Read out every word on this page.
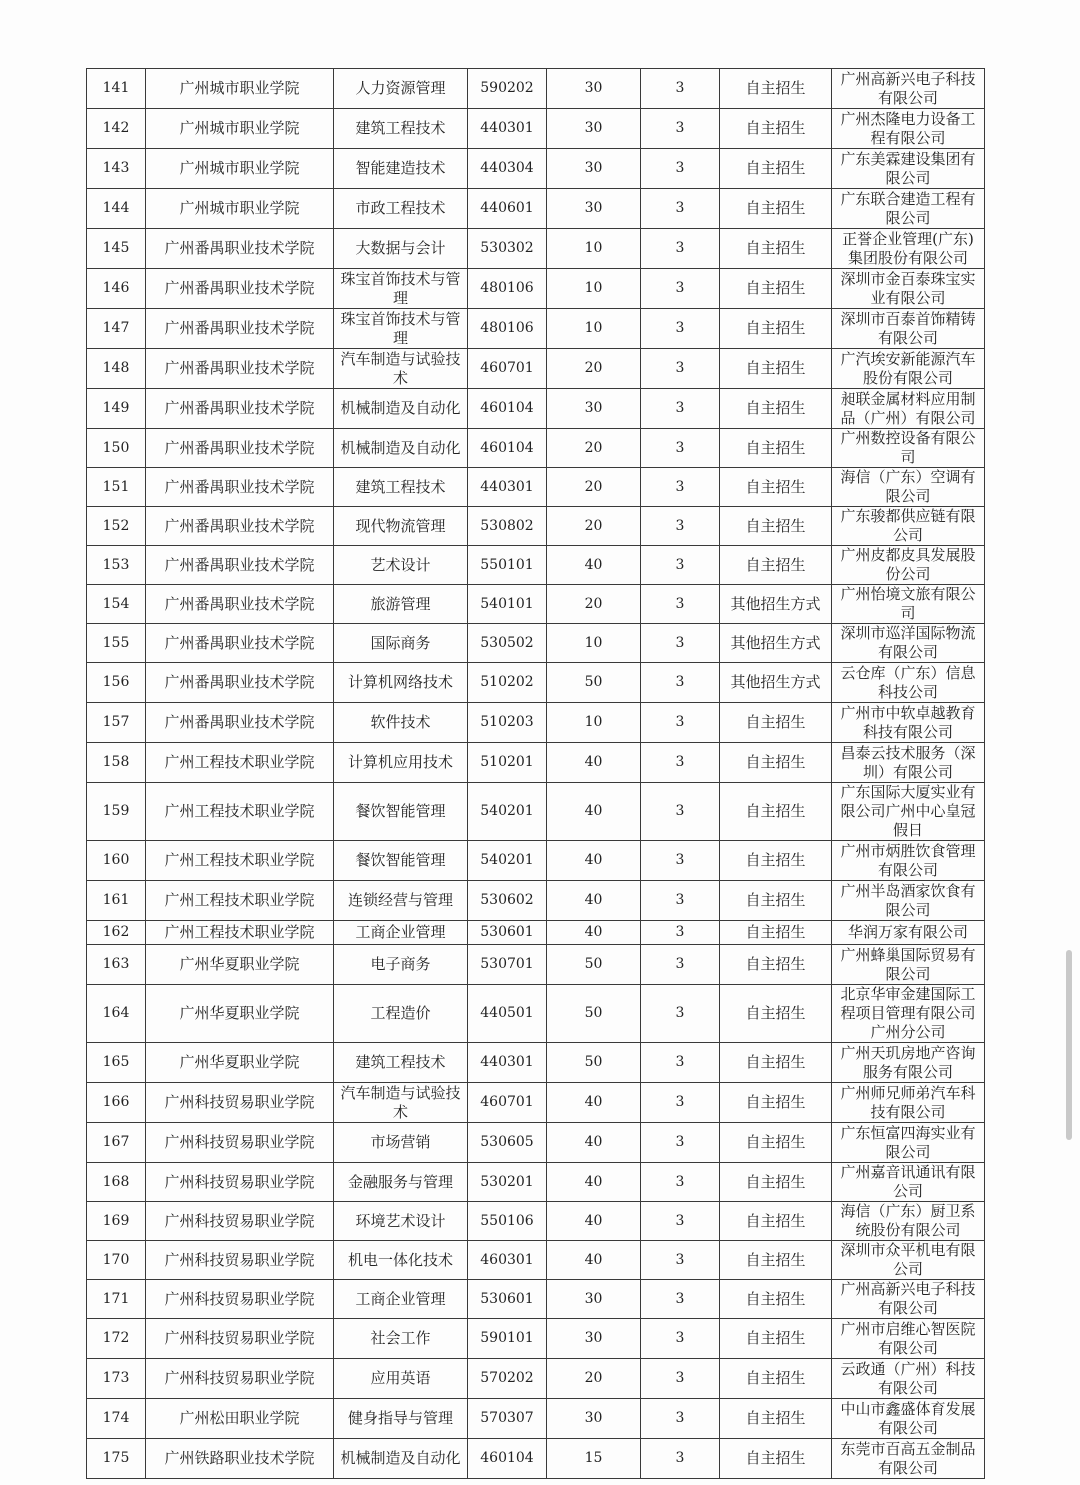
141	广州城市职业学院	人力资源管理	590202	30	3	自主招生	广州高新兴电子科技有限公司
142	广州城市职业学院	建筑工程技术	440301	30	3	自主招生	广州杰隆电力设备工程有限公司
143	广州城市职业学院	智能建造技术	440304	30	3	自主招生	广东美霖建设集团有限公司
144	广州城市职业学院	市政工程技术	440601	30	3	自主招生	广东联合建造工程有限公司
145	广州番禺职业技术学院	大数据与会计	530302	10	3	自主招生	正誉企业管理(广东)集团股份有限公司
146	广州番禺职业技术学院	珠宝首饰技术与管理	480106	10	3	自主招生	深圳市金百泰珠宝实业有限公司
147	广州番禺职业技术学院	珠宝首饰技术与管理	480106	10	3	自主招生	深圳市百泰首饰精铸有限公司
148	广州番禺职业技术学院	汽车制造与试验技术	460701	20	3	自主招生	广汽埃安新能源汽车股份有限公司
149	广州番禺职业技术学院	机械制造及自动化	460104	30	3	自主招生	昶联金属材料应用制品（广州）有限公司
150	广州番禺职业技术学院	机械制造及自动化	460104	20	3	自主招生	广州数控设备有限公司
151	广州番禺职业技术学院	建筑工程技术	440301	20	3	自主招生	海信（广东）空调有限公司
152	广州番禺职业技术学院	现代物流管理	530802	20	3	自主招生	广东骏都供应链有限公司
153	广州番禺职业技术学院	艺术设计	550101	40	3	自主招生	广州皮都皮具发展股份公司
154	广州番禺职业技术学院	旅游管理	540101	20	3	其他招生方式	广州怡境文旅有限公司
155	广州番禺职业技术学院	国际商务	530502	10	3	其他招生方式	深圳市巡洋国际物流有限公司
156	广州番禺职业技术学院	计算机网络技术	510202	50	3	其他招生方式	云仓库（广东）信息科技公司
157	广州番禺职业技术学院	软件技术	510203	10	3	自主招生	广州市中软卓越教育科技有限公司
158	广州工程技术职业学院	计算机应用技术	510201	40	3	自主招生	昌泰云技术服务（深圳）有限公司
159	广州工程技术职业学院	餐饮智能管理	540201	40	3	自主招生	广东国际大厦实业有限公司广州中心皇冠假日
160	广州工程技术职业学院	餐饮智能管理	540201	40	3	自主招生	广州市炳胜饮食管理有限公司
161	广州工程技术职业学院	连锁经营与管理	530602	40	3	自主招生	广州半岛酒家饮食有限公司
162	广州工程技术职业学院	工商企业管理	530601	40	3	自主招生	华润万家有限公司
163	广州华夏职业学院	电子商务	530701	50	3	自主招生	广州蜂巢国际贸易有限公司
164	广州华夏职业学院	工程造价	440501	50	3	自主招生	北京华审金建国际工程项目管理有限公司广州分公司
165	广州华夏职业学院	建筑工程技术	440301	50	3	自主招生	广州天玑房地产咨询服务有限公司
166	广州科技贸易职业学院	汽车制造与试验技术	460701	40	3	自主招生	广州师兄师弟汽车科技有限公司
167	广州科技贸易职业学院	市场营销	530605	40	3	自主招生	广东恒富四海实业有限公司
168	广州科技贸易职业学院	金融服务与管理	530201	40	3	自主招生	广州嘉音讯通讯有限公司
169	广州科技贸易职业学院	环境艺术设计	550106	40	3	自主招生	海信（广东）厨卫系统股份有限公司
170	广州科技贸易职业学院	机电一体化技术	460301	40	3	自主招生	深圳市众平机电有限公司
171	广州科技贸易职业学院	工商企业管理	530601	30	3	自主招生	广州高新兴电子科技有限公司
172	广州科技贸易职业学院	社会工作	590101	30	3	自主招生	广州市启维心智医院有限公司
173	广州科技贸易职业学院	应用英语	570202	20	3	自主招生	云政通（广州）科技有限公司
174	广州松田职业学院	健身指导与管理	570307	30	3	自主招生	中山市鑫盛体育发展有限公司
175	广州铁路职业技术学院	机械制造及自动化	460104	15	3	自主招生	东莞市百高五金制品有限公司
